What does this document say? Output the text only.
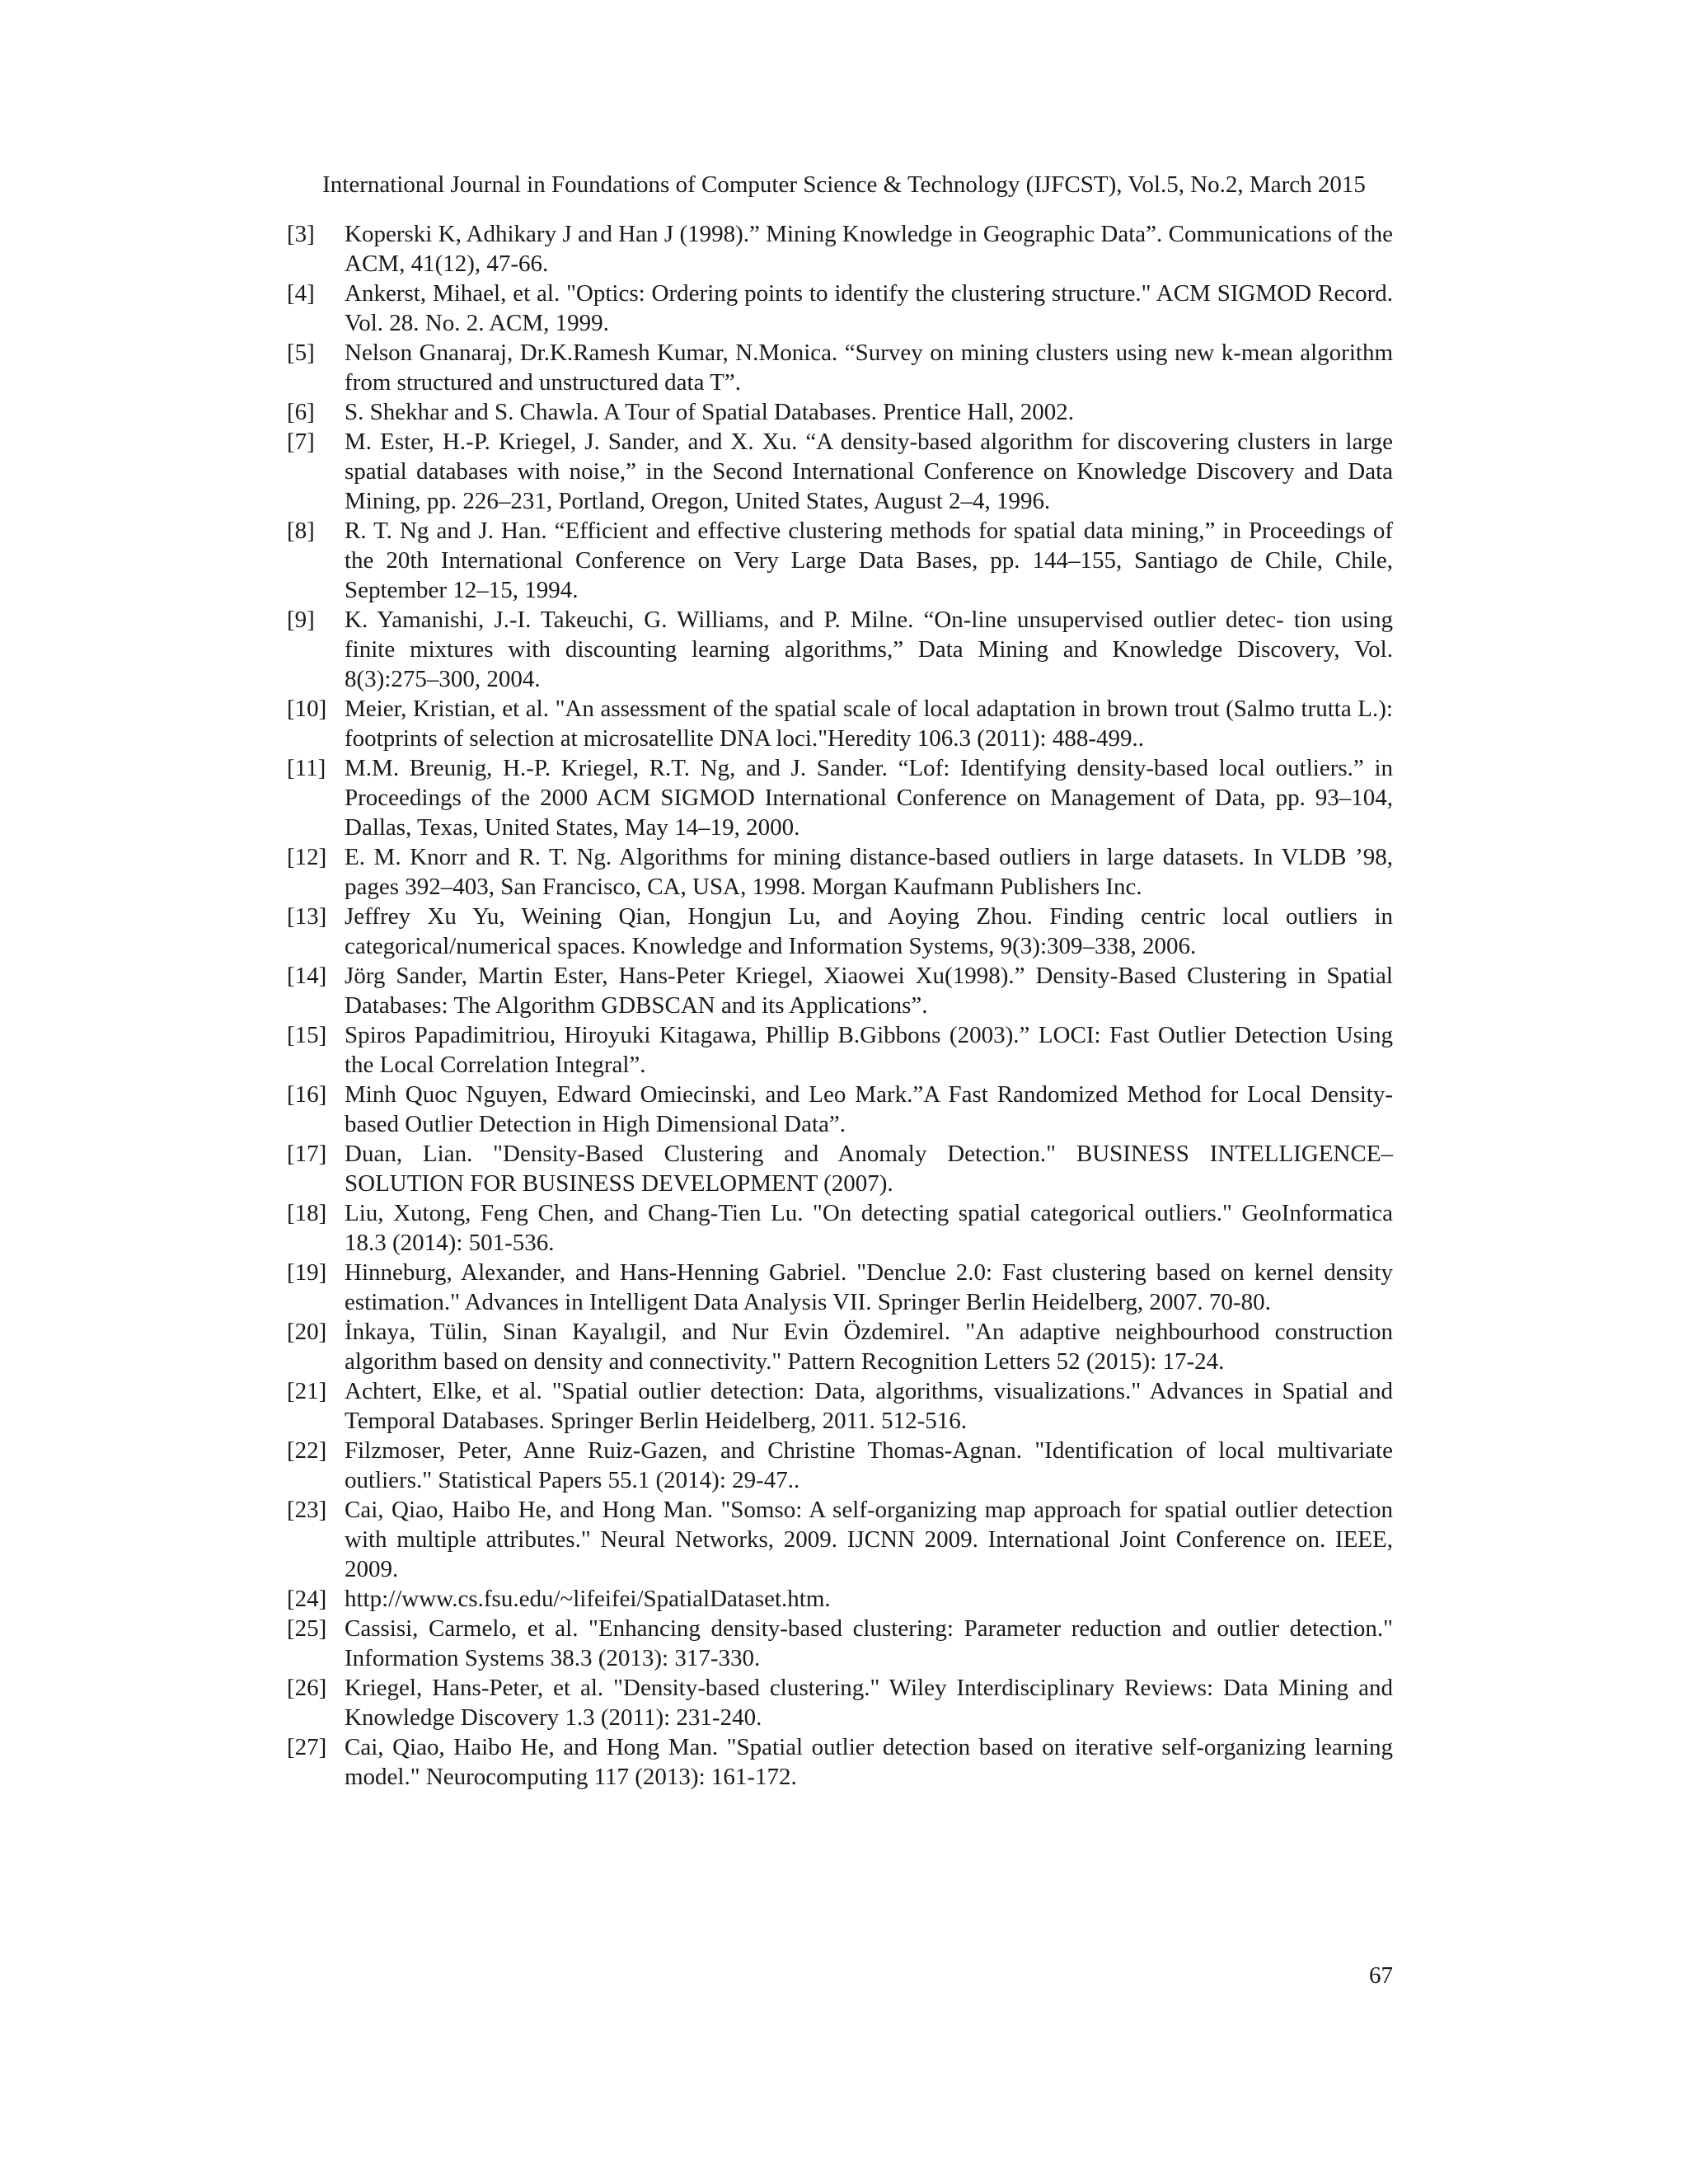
International Journal in Foundations of Computer Science & Technology (IJFCST), Vol.5, No.2, March 2015
[3]	Koperski K, Adhikary J and Han J (1998).” Mining Knowledge in Geographic Data”. Communications of the ACM, 41(12), 47-66.
[4]	Ankerst, Mihael, et al. "Optics: Ordering points to identify the clustering structure." ACM SIGMOD Record. Vol. 28. No. 2. ACM, 1999.
[5]	Nelson Gnanaraj, Dr.K.Ramesh Kumar, N.Monica. “Survey on mining clusters using new k-mean algorithm from structured and unstructured data T”.
[6]	S. Shekhar and S. Chawla. A Tour of Spatial Databases. Prentice Hall, 2002.
[7]	M. Ester, H.-P. Kriegel, J. Sander, and X. Xu. “A density-based algorithm for discovering clusters in large spatial databases with noise,” in the Second International Conference on Knowledge Discovery and Data Mining, pp. 226–231, Portland, Oregon, United States, August 2–4, 1996.
[8]	R. T. Ng and J. Han. “Efficient and effective clustering methods for spatial data mining,” in Proceedings of the 20th International Conference on Very Large Data Bases, pp. 144–155, Santiago de Chile, Chile, September 12–15, 1994.
[9]	K. Yamanishi, J.-I. Takeuchi, G. Williams, and P. Milne. “On-line unsupervised outlier detec- tion using finite mixtures with discounting learning algorithms,” Data Mining and Knowledge Discovery, Vol. 8(3):275–300, 2004.
[10] Meier, Kristian, et al. "An assessment of the spatial scale of local adaptation in brown trout (Salmo trutta L.): footprints of selection at microsatellite DNA loci."Heredity 106.3 (2011): 488-499..
[11] M.M. Breunig, H.-P. Kriegel, R.T. Ng, and J. Sander. “Lof: Identifying density-based local outliers.” in Proceedings of the 2000 ACM SIGMOD International Conference on Management of Data, pp. 93–104, Dallas, Texas, United States, May 14–19, 2000.
[12] E. M. Knorr and R. T. Ng. Algorithms for mining distance-based outliers in large datasets. In VLDB ’98, pages 392–403, San Francisco, CA, USA, 1998. Morgan Kaufmann Publishers Inc.
[13] Jeffrey Xu Yu, Weining Qian, Hongjun Lu, and Aoying Zhou. Finding centric local outliers in categorical/numerical spaces. Knowledge and Information Systems, 9(3):309–338, 2006.
[14] Jörg Sander, Martin Ester, Hans-Peter Kriegel, Xiaowei Xu(1998).” Density-Based Clustering in Spatial Databases: The Algorithm GDBSCAN and its Applications”.
[15] Spiros Papadimitriou, Hiroyuki Kitagawa, Phillip B.Gibbons (2003).” LOCI: Fast Outlier Detection Using the Local Correlation Integral”.
[16] Minh Quoc Nguyen, Edward Omiecinski, and Leo Mark.”A Fast Randomized Method for Local Density-based Outlier Detection in High Dimensional Data”.
[17] Duan, Lian. "Density-Based Clustering and Anomaly Detection." BUSINESS INTELLIGENCE– SOLUTION FOR BUSINESS DEVELOPMENT (2007).
[18] Liu, Xutong, Feng Chen, and Chang-Tien Lu. "On detecting spatial categorical outliers." GeoInformatica 18.3 (2014): 501-536.
[19] Hinneburg, Alexander, and Hans-Henning Gabriel. "Denclue 2.0: Fast clustering based on kernel density estimation." Advances in Intelligent Data Analysis VII. Springer Berlin Heidelberg, 2007. 70-80.
[20] İnkaya, Tülin, Sinan Kayalıgil, and Nur Evin Özdemirel. "An adaptive neighbourhood construction algorithm based on density and connectivity." Pattern Recognition Letters 52 (2015): 17-24.
[21] Achtert, Elke, et al. "Spatial outlier detection: Data, algorithms, visualizations." Advances in Spatial and Temporal Databases. Springer Berlin Heidelberg, 2011. 512-516.
[22] Filzmoser, Peter, Anne Ruiz-Gazen, and Christine Thomas-Agnan. "Identification of local multivariate outliers." Statistical Papers 55.1 (2014): 29-47..
[23] Cai, Qiao, Haibo He, and Hong Man. "Somso: A self-organizing map approach for spatial outlier detection with multiple attributes." Neural Networks, 2009. IJCNN 2009. International Joint Conference on. IEEE, 2009.
[24] http://www.cs.fsu.edu/~lifeifei/SpatialDataset.htm.
[25] Cassisi, Carmelo, et al. "Enhancing density-based clustering: Parameter reduction and outlier detection." Information Systems 38.3 (2013): 317-330.
[26] Kriegel, Hans-Peter, et al. "Density-based clustering." Wiley Interdisciplinary Reviews: Data Mining and Knowledge Discovery 1.3 (2011): 231-240.
[27] Cai, Qiao, Haibo He, and Hong Man. "Spatial outlier detection based on iterative self-organizing learning model." Neurocomputing 117 (2013): 161-172.
67
